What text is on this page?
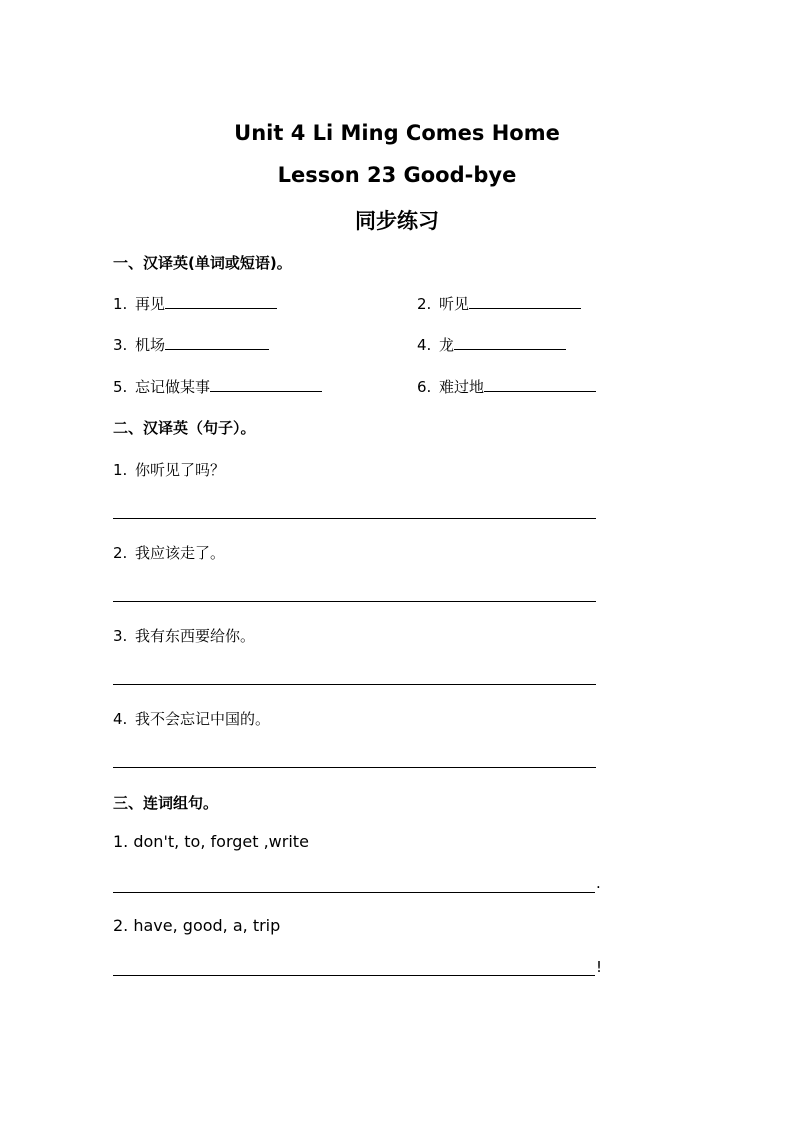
Unit 4 Li Ming Comes Home
Lesson 23 Good-bye
同步练习
一、汉译英(单词或短语)。
1. 再见	2. 听见
3. 机场	4. 龙
5. 忘记做某事	6. 难过地
二、汉译英（句子）。
1. 你听见了吗？
2. 我应该走了。
3. 我有东西要给你。
4. 我不会忘记中国的。
三、连词组句。
1. don't, to, forget ,write
.
2. have, good, a, trip
!
